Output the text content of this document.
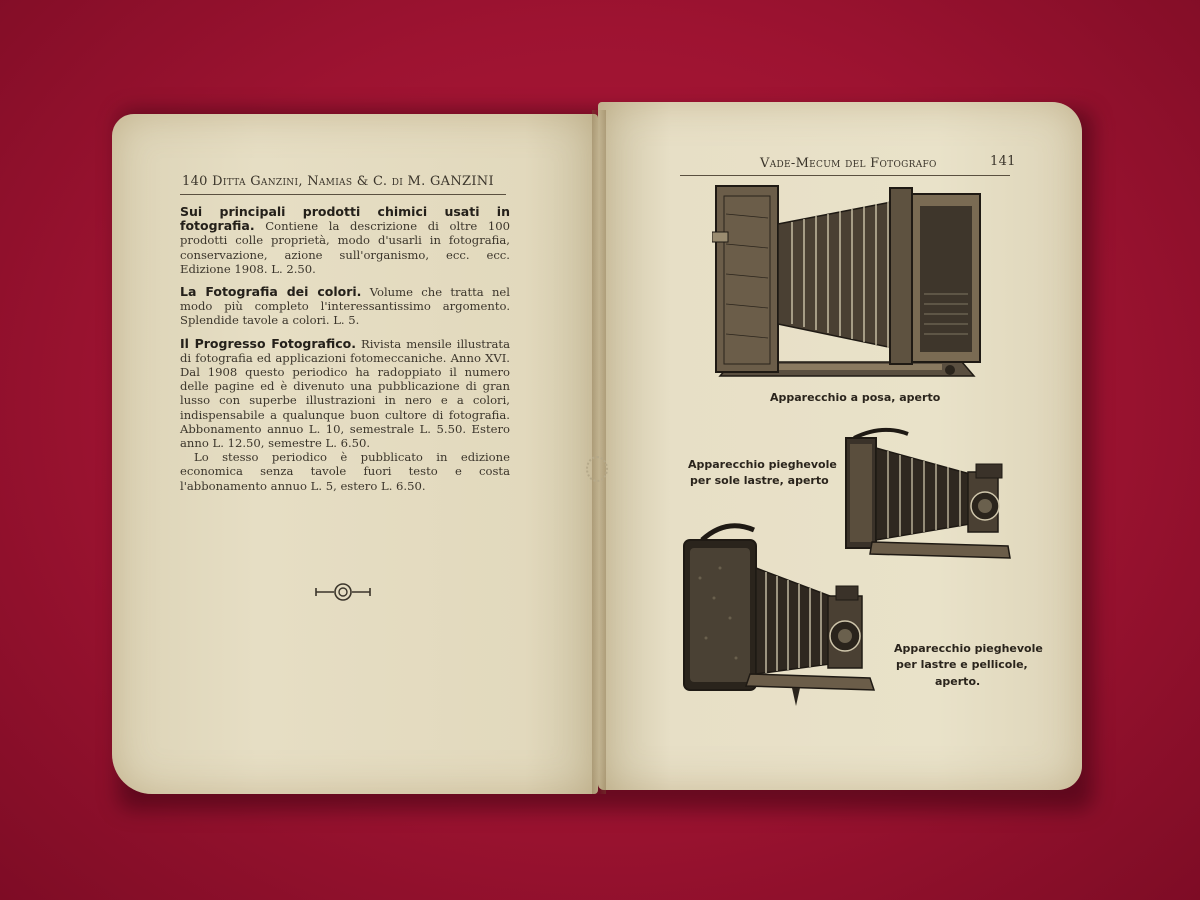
140 Ditta Ganzini, Namias & C. di M. GANZINI

Sui principali prodotti chimici usati in fotografia. Contiene la descrizione di oltre 100 prodotti colle proprietà, modo d'usarli in fotografia, conservazione, azione sull'organismo, ecc. ecc. Edizione 1908. L. 2.50.

La Fotografia dei colori. Volume che tratta nel modo più completo l'interessantissimo argomento. Splendide tavole a colori. L. 5.

Il Progresso Fotografico. Rivista mensile illustrata di fotografia ed applicazioni fotomeccaniche. Anno XVI. Dal 1908 questo periodico ha radoppiato il numero delle pagine ed è divenuto una pubblicazione di gran lusso con superbe illustrazioni in nero e a colori, indispensabile a qualunque buon cultore di fotografia. Abbonamento annuo L. 10, semestrale L. 5.50. Estero anno L. 12.50, semestre L. 6.50.

Lo stesso periodico è pubblicato in edizione economica senza tavole fuori testo e costa l'abbonamento annuo L. 5, estero L. 6.50.

Vade-Mecum del Fotografo	141
Apparecchio a posa, aperto
Apparecchio pieghevole
per sole lastre, aperto
Apparecchio pieghevole
per lastre e pellicole,
aperto.
